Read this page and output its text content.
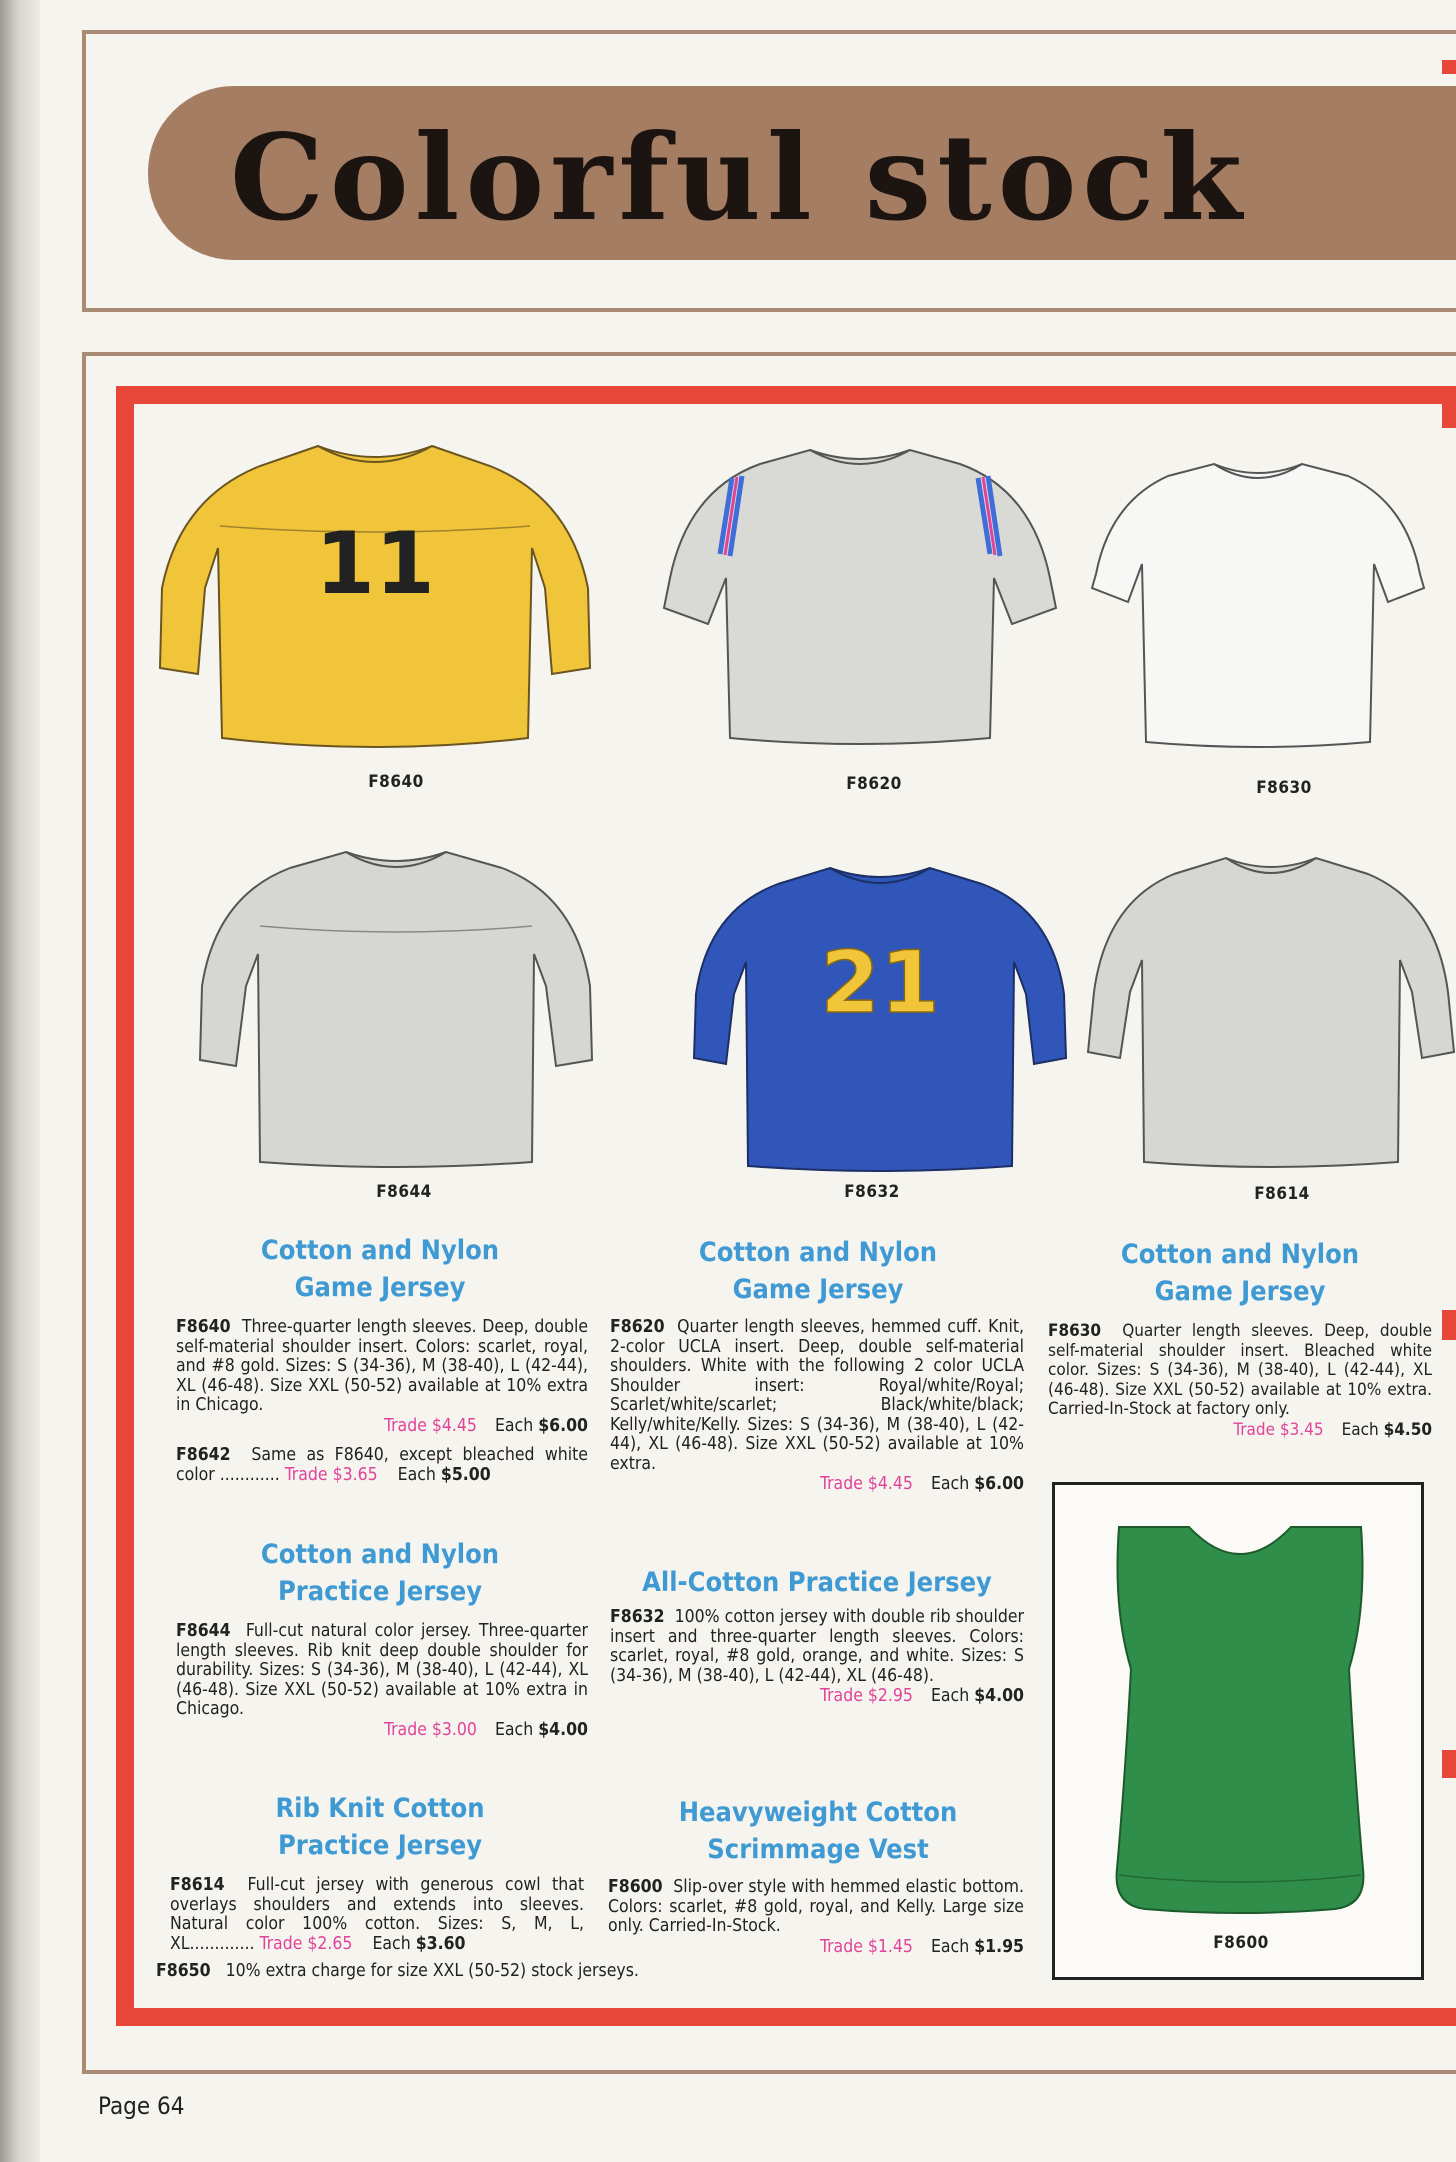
Colorful stock
11
F8640	F8620	F8630
F8644
21
F8632	F8614
Cotton and Nylon
Game Jersey
F8640 Three-quarter length sleeves. Deep, double self-material shoulder insert. Colors: scarlet, royal, and #8 gold. Sizes: S (34-36), M (38-40), L (42-44), XL (46-48). Size XXL (50-52) available at 10% extra in Chicago.
Trade $4.45 Each $6.00
F8642 Same as F8640, except bleached white color ............ Trade $3.65 Each $5.00
Cotton and Nylon
Practice Jersey
F8644 Full-cut natural color jersey. Three-quarter length sleeves. Rib knit deep double shoulder for durability. Sizes: S (34-36), M (38-40), L (42-44), XL (46-48). Size XXL (50-52) available at 10% extra in Chicago.
Trade $3.00 Each $4.00
Rib Knit Cotton
Practice Jersey
F8614 Full-cut jersey with generous cowl that overlays shoulders and extends into sleeves. Natural color 100% cotton. Sizes: S, M, L, XL............. Trade $2.65 Each $3.60
F8650 10% extra charge for size XXL (50-52) stock jerseys.
Cotton and Nylon
Game Jersey
F8620 Quarter length sleeves, hemmed cuff. Knit, 2-color UCLA insert. Deep, double self-material shoulders. White with the following 2 color UCLA Shoulder insert: Royal/white/Royal; Scarlet/white/scarlet; Black/white/black; Kelly/white/Kelly. Sizes: S (34-36), M (38-40), L (42-44), XL (46-48). Size XXL (50-52) available at 10% extra.
Trade $4.45 Each $6.00
All-Cotton Practice Jersey
F8632 100% cotton jersey with double rib shoulder insert and three-quarter length sleeves. Colors: scarlet, royal, #8 gold, orange, and white. Sizes: S (34-36), M (38-40), L (42-44), XL (46-48).
Trade $2.95 Each $4.00
Heavyweight Cotton
Scrimmage Vest
F8600 Slip-over style with hemmed elastic bottom. Colors: scarlet, #8 gold, royal, and Kelly. Large size only. Carried-In-Stock.
Trade $1.45 Each $1.95
Cotton and Nylon
Game Jersey
F8630 Quarter length sleeves. Deep, double self-material shoulder insert. Bleached white color. Sizes: S (34-36), M (38-40), L (42-44), XL (46-48). Size XXL (50-52) available at 10% extra. Carried-In-Stock at factory only.
Trade $3.45 Each $4.50
F8600
Page 64
